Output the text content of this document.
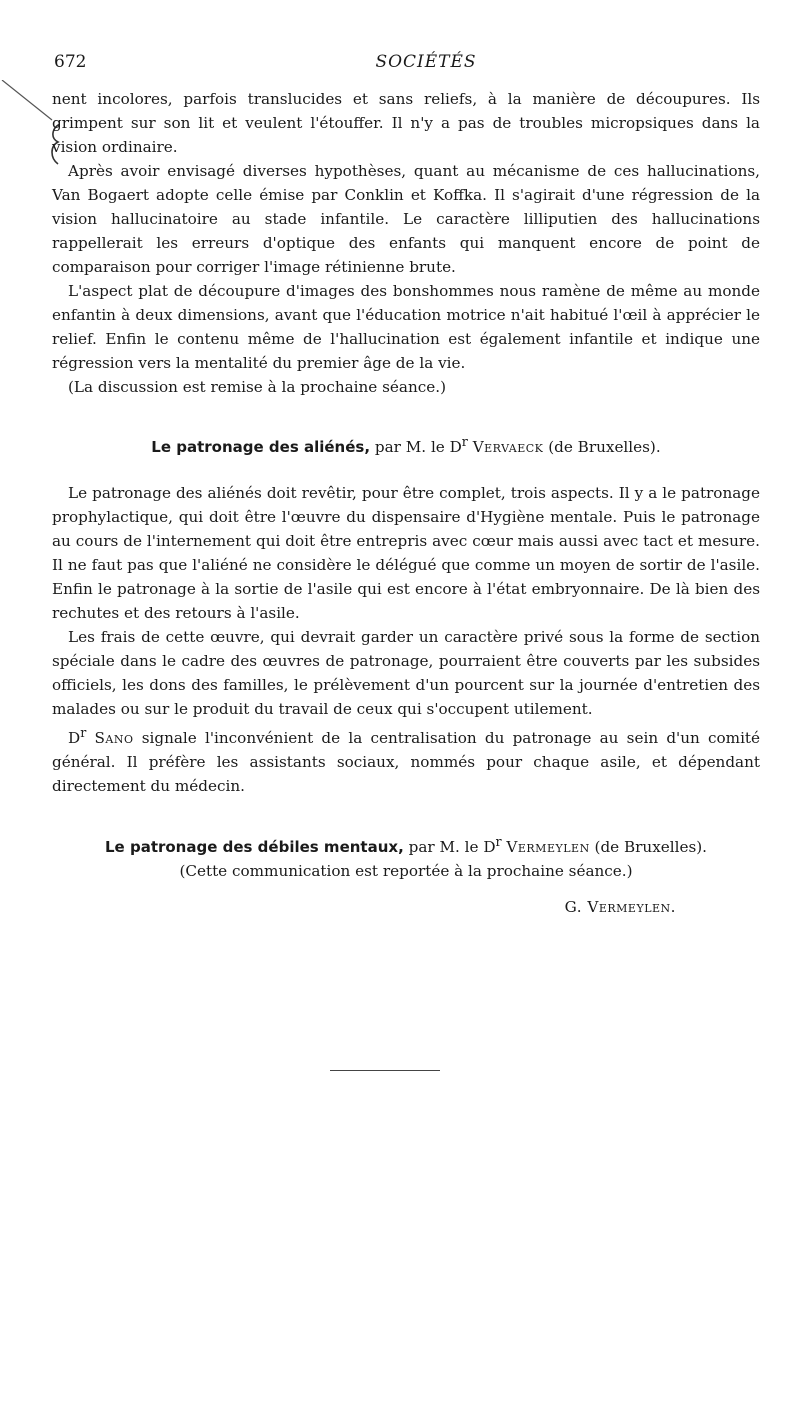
672	SOCIÉTÉS

nent incolores, parfois translucides et sans reliefs, à la manière de découpures. Ils grimpent sur son lit et veulent l'étouffer. Il n'y a pas de troubles micropsiques dans la vision ordinaire.

Après avoir envisagé diverses hypothèses, quant au mécanisme de ces hallucinations, Van Bogaert adopte celle émise par Conklin et Koffka. Il s'agirait d'une régression de la vision hallucinatoire au stade infantile. Le caractère lilliputien des hallucinations rappellerait les erreurs d'optique des enfants qui manquent encore de point de comparaison pour corriger l'image rétinienne brute.

L'aspect plat de découpure d'images des bonshommes nous ramène de même au monde enfantin à deux dimensions, avant que l'éducation motrice n'ait habitué l'œil à apprécier le relief. Enfin le contenu même de l'hallucination est également infantile et indique une régression vers la mentalité du premier âge de la vie.

(La discussion est remise à la prochaine séance.)

Le patronage des aliénés, par M. le $D^r$ Vervaeck (de Bruxelles).

Le patronage des aliénés doit revêtir, pour être complet, trois aspects. Il y a le patronage prophylactique, qui doit être l'œuvre du dispensaire d'Hygiène mentale. Puis le patronage au cours de l'internement qui doit être entrepris avec cœur mais aussi avec tact et mesure. Il ne faut pas que l'aliéné ne considère le délégué que comme un moyen de sortir de l'asile. Enfin le patronage à la sortie de l'asile qui est encore à l'état embryonnaire. De là bien des rechutes et des retours à l'asile.

Les frais de cette œuvre, qui devrait garder un caractère privé sous la forme de section spéciale dans le cadre des œuvres de patronage, pourraient être couverts par les subsides officiels, les dons des familles, le prélèvement d'un pourcent sur la journée d'entretien des malades ou sur le produit du travail de ceux qui s'occupent utilement.

$D^r$ Sano signale l'inconvénient de la centralisation du patronage au sein d'un comité général. Il préfère les assistants sociaux, nommés pour chaque asile, et dépendant directement du médecin.

Le patronage des débiles mentaux, par M. le $D^r$ Vermeylen (de Bruxelles).

(Cette communication est reportée à la prochaine séance.)

G. Vermeylen.
